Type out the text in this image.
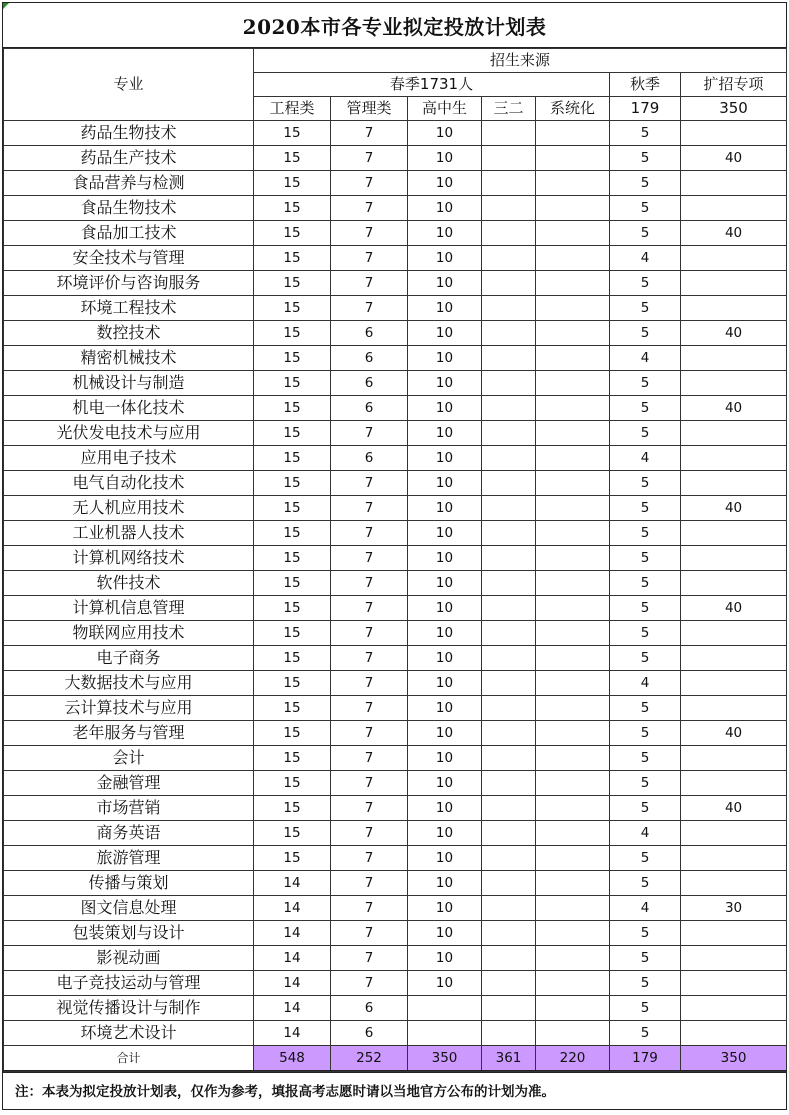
2020本市各专业拟定投放计划表
专业	招生来源						
	春季1731人					秋季	扩招专项
	工程类	管理类	高中生	三二	系统化	179	350
药品生物技术	15	7	10			5	
药品生产技术	15	7	10			5	40
食品营养与检测	15	7	10			5	
食品生物技术	15	7	10			5	
食品加工技术	15	7	10			5	40
安全技术与管理	15	7	10			4	
环境评价与咨询服务	15	7	10			5	
环境工程技术	15	7	10			5	
数控技术	15	6	10			5	40
精密机械技术	15	6	10			4	
机械设计与制造	15	6	10			5	
机电一体化技术	15	6	10			5	40
光伏发电技术与应用	15	7	10			5	
应用电子技术	15	6	10			4	
电气自动化技术	15	7	10			5	
无人机应用技术	15	7	10			5	40
工业机器人技术	15	7	10			5	
计算机网络技术	15	7	10			5	
软件技术	15	7	10			5	
计算机信息管理	15	7	10			5	40
物联网应用技术	15	7	10			5	
电子商务	15	7	10			5	
大数据技术与应用	15	7	10			4	
云计算技术与应用	15	7	10			5	
老年服务与管理	15	7	10			5	40
会计	15	7	10			5	
金融管理	15	7	10			5	
市场营销	15	7	10			5	40
商务英语	15	7	10			4	
旅游管理	15	7	10			5	
传播与策划	14	7	10			5	
图文信息处理	14	7	10			4	30
包装策划与设计	14	7	10			5	
影视动画	14	7	10			5	
电子竞技运动与管理	14	7	10			5	
视觉传播设计与制作	14	6				5	
环境艺术设计	14	6				5	
合计	548	252	350	361	220	179	350
注：本表为拟定投放计划表，仅作为参考，填报高考志愿时请以当地官方公布的计划为准。
